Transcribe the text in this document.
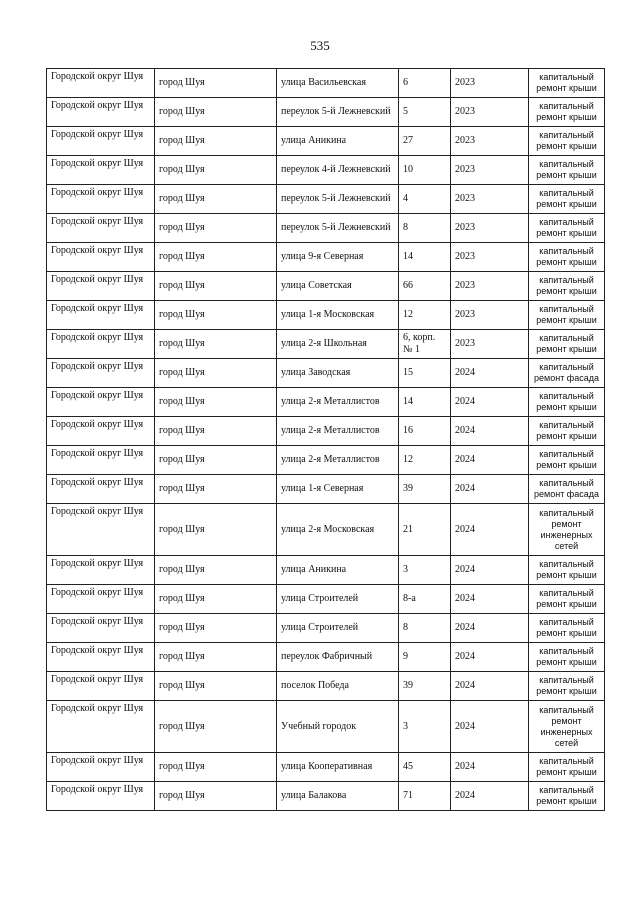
535
Городской округ Шуя	город Шуя	улица Васильевская	6	2023	капитальный ремонт крыши
Городской округ Шуя	город Шуя	переулок 5-й Лежневский	5	2023	капитальный ремонт крыши
Городской округ Шуя	город Шуя	улица Аникина	27	2023	капитальный ремонт крыши
Городской округ Шуя	город Шуя	переулок 4-й Лежневский	10	2023	капитальный ремонт крыши
Городской округ Шуя	город Шуя	переулок 5-й Лежневский	4	2023	капитальный ремонт крыши
Городской округ Шуя	город Шуя	переулок 5-й Лежневский	8	2023	капитальный ремонт крыши
Городской округ Шуя	город Шуя	улица 9-я Северная	14	2023	капитальный ремонт крыши
Городской округ Шуя	город Шуя	улица Советская	66	2023	капитальный ремонт крыши
Городской округ Шуя	город Шуя	улица 1-я Московская	12	2023	капитальный ремонт крыши
Городской округ Шуя	город Шуя	улица 2-я Школьная	6, корп. № 1	2023	капитальный ремонт крыши
Городской округ Шуя	город Шуя	улица Заводская	15	2024	капитальный ремонт фасада
Городской округ Шуя	город Шуя	улица 2-я Металлистов	14	2024	капитальный ремонт крыши
Городской округ Шуя	город Шуя	улица 2-я Металлистов	16	2024	капитальный ремонт крыши
Городской округ Шуя	город Шуя	улица 2-я Металлистов	12	2024	капитальный ремонт крыши
Городской округ Шуя	город Шуя	улица 1-я Северная	39	2024	капитальный ремонт фасада
Городской округ Шуя	город Шуя	улица 2-я Московская	21	2024	капитальный ремонт инженерных сетей
Городской округ Шуя	город Шуя	улица Аникина	3	2024	капитальный ремонт крыши
Городской округ Шуя	город Шуя	улица Строителей	8-а	2024	капитальный ремонт крыши
Городской округ Шуя	город Шуя	улица Строителей	8	2024	капитальный ремонт крыши
Городской округ Шуя	город Шуя	переулок Фабричный	9	2024	капитальный ремонт крыши
Городской округ Шуя	город Шуя	поселок Победа	39	2024	капитальный ремонт крыши
Городской округ Шуя	город Шуя	Учебный городок	3	2024	капитальный ремонт инженерных сетей
Городской округ Шуя	город Шуя	улица Кооперативная	45	2024	капитальный ремонт крыши
Городской округ Шуя	город Шуя	улица Балакова	71	2024	капитальный ремонт крыши
